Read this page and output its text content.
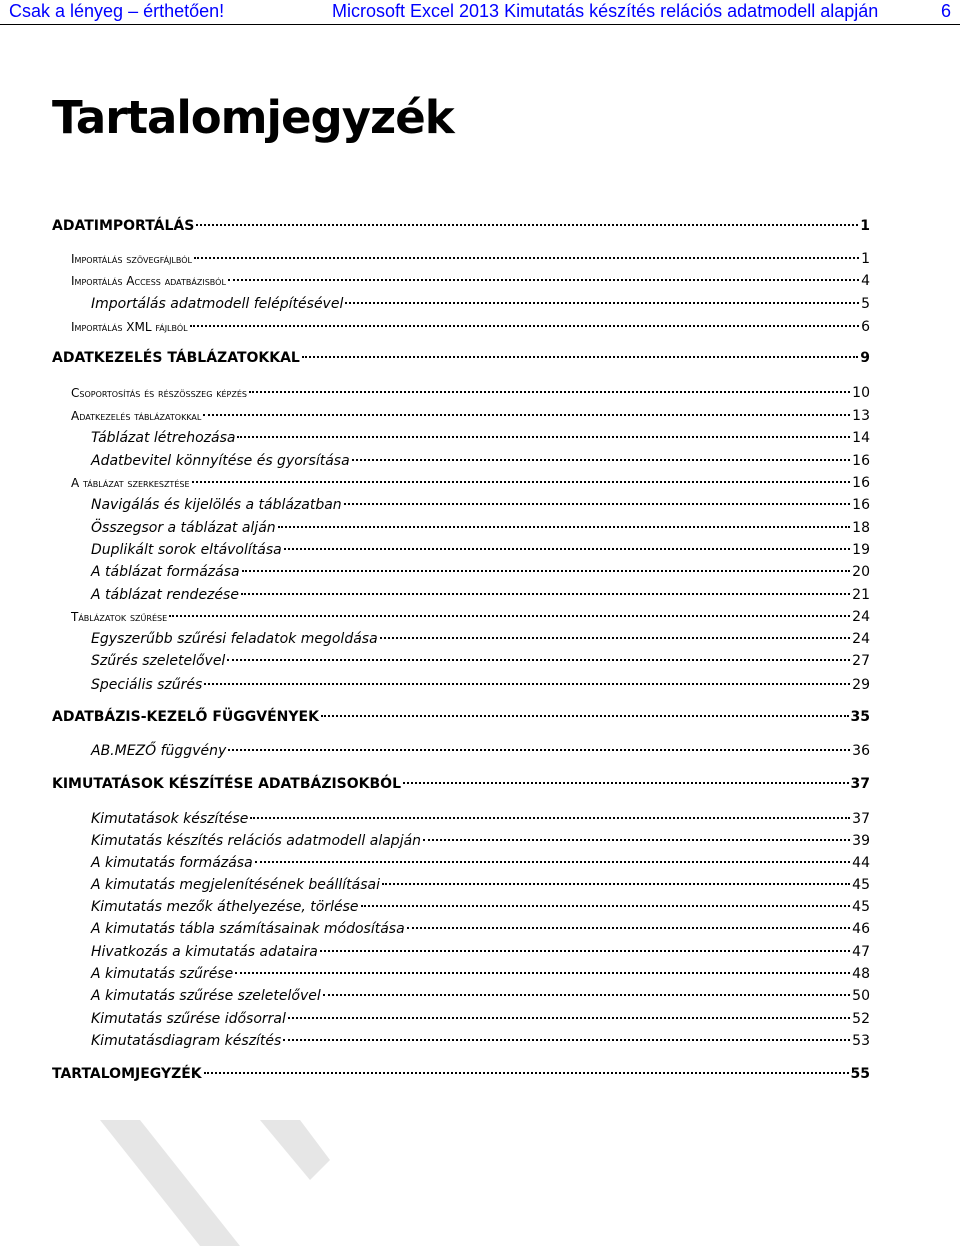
Csak a lényeg – érthetően!	Microsoft Excel 2013 Kimutatás készítés relációs adatmodell alapján	6
Tartalomjegyzék
ADATIMPORTÁLÁS	1
Importálás szövegfájlból	1
Importálás Access adatbázisból	4
Importálás adatmodell felépítésével	5
Importálás XML fájlból	6
ADATKEZELÉS TÁBLÁZATOKKAL	9
Csoportosítás és részösszeg képzés	10
Adatkezelés táblázatokkal	13
Táblázat létrehozása	14
Adatbevitel könnyítése és gyorsítása	16
A táblázat szerkesztése	16
Navigálás és kijelölés a táblázatban	16
Összegsor a táblázat alján	18
Duplikált sorok eltávolítása	19
A táblázat formázása	20
A táblázat rendezése	21
Táblázatok szűrése	24
Egyszerűbb szűrési feladatok megoldása	24
Szűrés szeletelővel	27
Speciális szűrés	29
ADATBÁZIS-KEZELŐ FÜGGVÉNYEK	35
AB.MEZŐ függvény	36
KIMUTATÁSOK KÉSZÍTÉSE ADATBÁZISOKBÓL	37
Kimutatások készítése	37
Kimutatás készítés relációs adatmodell alapján	39
A kimutatás formázása	44
A kimutatás megjelenítésének beállításai	45
Kimutatás mezők áthelyezése, törlése	45
A kimutatás tábla számításainak módosítása	46
Hivatkozás a kimutatás adataira	47
A kimutatás szűrése	48
A kimutatás szűrése szeletelővel	50
Kimutatás szűrése idősorral	52
Kimutatásdiagram készítés	53
TARTALOMJEGYZÉK	55
